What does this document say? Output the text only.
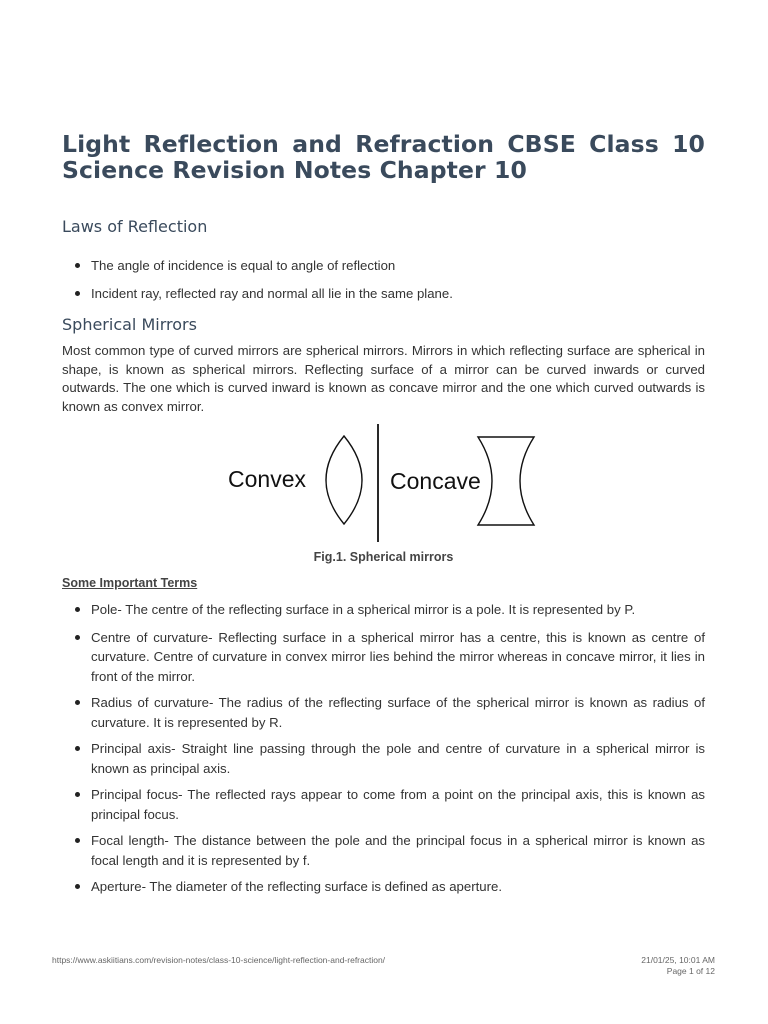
Light Reflection and Refraction CBSE Class 10 Science Revision Notes Chapter 10
Laws of Reflection
The angle of incidence is equal to angle of reflection
Incident ray, reflected ray and normal all lie in the same plane.
Spherical Mirrors

Most common type of curved mirrors are spherical mirrors. Mirrors in which reflecting surface are spherical in shape, is known as spherical mirrors. Reflecting surface of a mirror can be curved inwards or curved outwards. The one which is curved inward is known as concave mirror and the one which curved outwards is known as convex mirror.

Convex	Concave

Fig.1. Spherical mirrors

Some Important Terms

Pole- The centre of the reflecting surface in a spherical mirror is a pole. It is represented by P.
Centre of curvature- Reflecting surface in a spherical mirror has a centre, this is known as centre of curvature. Centre of curvature in convex mirror lies behind the mirror whereas in concave mirror, it lies in front of the mirror.
Radius of curvature- The radius of the reflecting surface of the spherical mirror is known as radius of curvature. It is represented by R.
Principal axis- Straight line passing through the pole and centre of curvature in a spherical mirror is known as principal axis.
Principal focus- The reflected rays appear to come from a point on the principal axis, this is known as principal focus.
Focal length- The distance between the pole and the principal focus in a spherical mirror is known as focal length and it is represented by f.
Aperture- The diameter of the reflecting surface is defined as aperture.
https://www.askiitians.com/revision-notes/class-10-science/light-reflection-and-refraction/	21/01/25, 10:01 AM
Page 1 of 12
